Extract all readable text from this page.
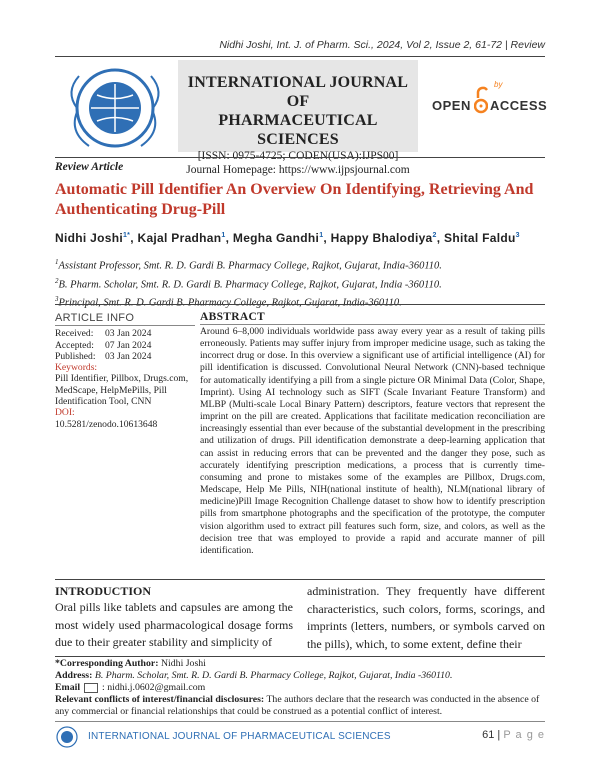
Nidhi Joshi, Int. J. of Pharm. Sci., 2024, Vol 2, Issue 2, 61-72 | Review
INTERNATIONAL JOURNAL OF
PHARMACEUTICAL SCIENCES
[ISSN: 0975-4725; CODEN(USA):IJPS00]
Journal Homepage: https://www.ijpsjournal.com
by
OPEN ACCESS
Review Article
Automatic Pill Identifier An Overview On Identifying, Retrieving And Authenticating Drug-Pill
Nidhi Joshi$^{1*}$, Kajal Pradhan$^1$, Megha Gandhi$^1$, Happy Bhalodiya$^2$, Shital Faldu$^3$
$^1$Assistant Professor, Smt. R. D. Gardi B. Pharmacy College, Rajkot, Gujarat, India-360110.
$^2$B. Pharm. Scholar, Smt. R. D. Gardi B. Pharmacy College, Rajkot, Gujarat, India -360110.
$^3$Principal, Smt. R. D. Gardi B. Pharmacy College, Rajkot, Gujarat, India-360110.
ARTICLE INFO
Received:	03 Jan 2024
Accepted:	07 Jan 2024
Published: 03 Jan 2024
Keywords:
Pill Identifier, Pillbox, Drugs.com, MedScape, HelpMePills, Pill Identification Tool, CNN
DOI:
10.5281/zenodo.10613648
ABSTRACT
Around 6–8,000 individuals worldwide pass away every year as a result of taking pills erroneously. Patients may suffer injury from improper medicine usage, such as taking the incorrect drug or dose. In this overview a significant use of artificial intelligence (AI) for pill identification is discussed. Convolutional Neural Network (CNN)-based technique for automatically identifying a pill from a single picture OR Minimal Data (Color, Shape, Imprint). Using AI technology such as SIFT (Scale Invariant Feature Transform) and MLBP (Multi-scale Local Binary Pattern) descriptors, feature vectors that represent the imprint on the pill are created. Applications that facilitate medication reconciliation are increasingly essential than ever because of the substantial development in the prescribing and utilization of drugs. Pill identification demonstrate a deep-learning application that can assist in reducing errors that can be prevented and the danger they pose, such as accurately identifying prescription medications, a process that is currently time-consuming and prone to mistakes some of the examples are Pillbox, Drugs.com, Medscape, Help Me Pills, NIH(national institute of health), NLM(national library of medicine)Pill Image Recognition Challenge dataset to show how to identify prescription pills from smartphone photographs and the specification of the prototype, the computer vision algorithm used to extract pill features such form, size, and colors, as well as the decision tree that was employed to provide a rapid and accurate manner of pill identification.
INTRODUCTION
Oral pills like tablets and capsules are among the most widely used pharmacological dosage forms due to their greater stability and simplicity of
administration. They frequently have different characteristics, such colors, forms, scorings, and imprints (letters, numbers, or symbols carved on the pills), which, to some extent, define their
*Corresponding Author: Nidhi Joshi
Address: B. Pharm. Scholar, Smt. R. D. Gardi B. Pharmacy College, Rajkot, Gujarat, India -360110.
Email : nidhi.j.0602@gmail.com
Relevant conflicts of interest/financial disclosures: The authors declare that the research was conducted in the absence of any commercial or financial relationships that could be construed as a potential conflict of interest.
INTERNATIONAL JOURNAL OF PHARMACEUTICAL SCIENCES	61 | P a g e
